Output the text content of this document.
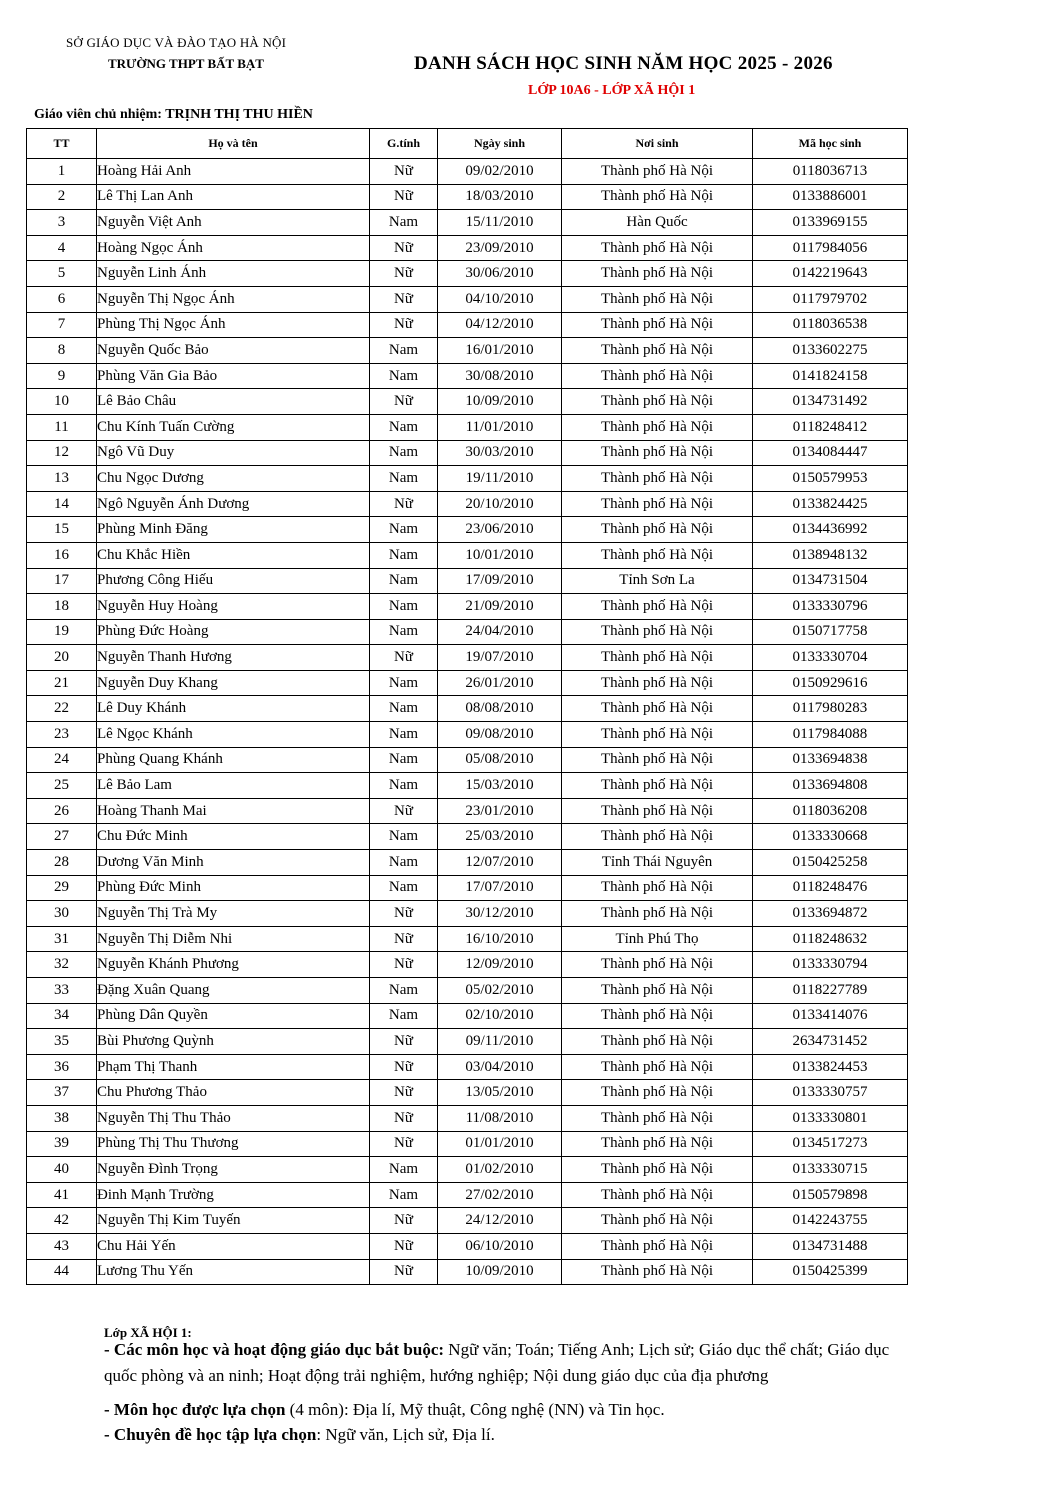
SỞ GIÁO DỤC VÀ ĐÀO TẠO HÀ NỘI
TRƯỜNG THPT BẤT BẠT	DANH SÁCH HỌC SINH NĂM HỌC 2025 - 2026
LỚP 10A6 - LỚP XÃ HỘI 1
Giáo viên chủ nhiệm: TRỊNH THỊ THU HIỀN
TT	Họ và tên	G.tính	Ngày sinh	Nơi sinh	Mã học sinh
1	Hoàng Hải Anh	Nữ	09/02/2010	Thành phố Hà Nội	0118036713
2	Lê Thị Lan Anh	Nữ	18/03/2010	Thành phố Hà Nội	0133886001
3	Nguyễn Việt Anh	Nam	15/11/2010	Hàn Quốc	0133969155
4	Hoàng Ngọc Ánh	Nữ	23/09/2010	Thành phố Hà Nội	0117984056
5	Nguyễn Linh Ánh	Nữ	30/06/2010	Thành phố Hà Nội	0142219643
6	Nguyễn Thị Ngọc Ánh	Nữ	04/10/2010	Thành phố Hà Nội	0117979702
7	Phùng Thị Ngọc Ánh	Nữ	04/12/2010	Thành phố Hà Nội	0118036538
8	Nguyễn Quốc Bảo	Nam	16/01/2010	Thành phố Hà Nội	0133602275
9	Phùng Văn Gia Bảo	Nam	30/08/2010	Thành phố Hà Nội	0141824158
10	Lê Bảo Châu	Nữ	10/09/2010	Thành phố Hà Nội	0134731492
11	Chu Kính Tuấn Cường	Nam	11/01/2010	Thành phố Hà Nội	0118248412
12	Ngô Vũ Duy	Nam	30/03/2010	Thành phố Hà Nội	0134084447
13	Chu Ngọc Dương	Nam	19/11/2010	Thành phố Hà Nội	0150579953
14	Ngô Nguyễn Ánh Dương	Nữ	20/10/2010	Thành phố Hà Nội	0133824425
15	Phùng Minh Đăng	Nam	23/06/2010	Thành phố Hà Nội	0134436992
16	Chu Khắc Hiền	Nam	10/01/2010	Thành phố Hà Nội	0138948132
17	Phương Công Hiếu	Nam	17/09/2010	Tỉnh Sơn La	0134731504
18	Nguyễn Huy Hoàng	Nam	21/09/2010	Thành phố Hà Nội	0133330796
19	Phùng Đức Hoàng	Nam	24/04/2010	Thành phố Hà Nội	0150717758
20	Nguyễn Thanh Hương	Nữ	19/07/2010	Thành phố Hà Nội	0133330704
21	Nguyễn Duy Khang	Nam	26/01/2010	Thành phố Hà Nội	0150929616
22	Lê Duy Khánh	Nam	08/08/2010	Thành phố Hà Nội	0117980283
23	Lê Ngọc Khánh	Nam	09/08/2010	Thành phố Hà Nội	0117984088
24	Phùng Quang Khánh	Nam	05/08/2010	Thành phố Hà Nội	0133694838
25	Lê Bảo Lam	Nam	15/03/2010	Thành phố Hà Nội	0133694808
26	Hoàng Thanh Mai	Nữ	23/01/2010	Thành phố Hà Nội	0118036208
27	Chu Đức Minh	Nam	25/03/2010	Thành phố Hà Nội	0133330668
28	Dương Văn Minh	Nam	12/07/2010	Tỉnh Thái Nguyên	0150425258
29	Phùng Đức Minh	Nam	17/07/2010	Thành phố Hà Nội	0118248476
30	Nguyễn Thị Trà My	Nữ	30/12/2010	Thành phố Hà Nội	0133694872
31	Nguyễn Thị Diễm Nhi	Nữ	16/10/2010	Tỉnh Phú Thọ	0118248632
32	Nguyễn Khánh Phương	Nữ	12/09/2010	Thành phố Hà Nội	0133330794
33	Đặng Xuân Quang	Nam	05/02/2010	Thành phố Hà Nội	0118227789
34	Phùng Dân Quyền	Nam	02/10/2010	Thành phố Hà Nội	0133414076
35	Bùi Phương Quỳnh	Nữ	09/11/2010	Thành phố Hà Nội	2634731452
36	Phạm Thị Thanh	Nữ	03/04/2010	Thành phố Hà Nội	0133824453
37	Chu Phương Thảo	Nữ	13/05/2010	Thành phố Hà Nội	0133330757
38	Nguyễn Thị Thu Thảo	Nữ	11/08/2010	Thành phố Hà Nội	0133330801
39	Phùng Thị Thu Thương	Nữ	01/01/2010	Thành phố Hà Nội	0134517273
40	Nguyễn Đình Trọng	Nam	01/02/2010	Thành phố Hà Nội	0133330715
41	Đinh Mạnh Trường	Nam	27/02/2010	Thành phố Hà Nội	0150579898
42	Nguyễn Thị Kim Tuyến	Nữ	24/12/2010	Thành phố Hà Nội	0142243755
43	Chu Hải Yến	Nữ	06/10/2010	Thành phố Hà Nội	0134731488
44	Lương Thu Yến	Nữ	10/09/2010	Thành phố Hà Nội	0150425399
Lớp XÃ HỘI 1:
- Các môn học và hoạt động giáo dục bắt buộc: Ngữ văn; Toán; Tiếng Anh; Lịch sử; Giáo dục thể chất; Giáo dục quốc phòng và an ninh; Hoạt động trải nghiệm, hướng nghiệp; Nội dung giáo dục của địa phương
- Môn học được lựa chọn (4 môn): Địa lí, Mỹ thuật, Công nghệ (NN) và Tin học.
- Chuyên đề học tập lựa chọn: Ngữ văn, Lịch sử, Địa lí.
